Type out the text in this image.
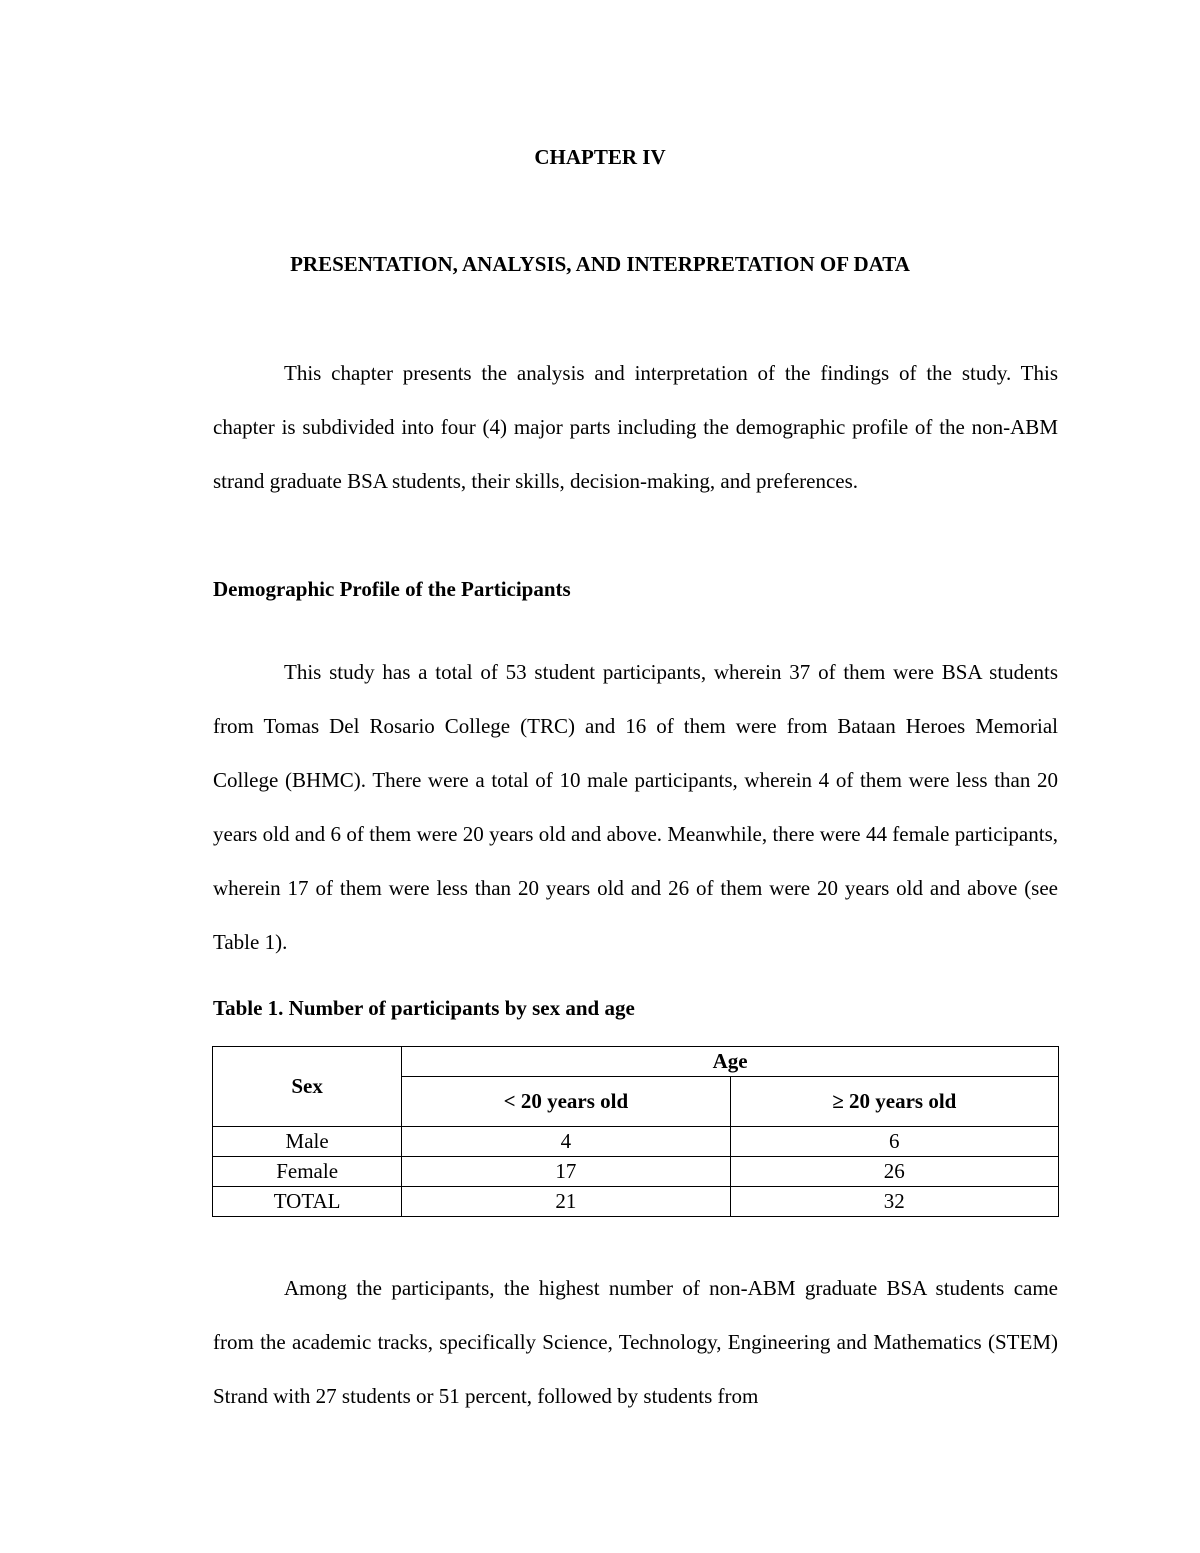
CHAPTER IV
PRESENTATION, ANALYSIS, AND INTERPRETATION OF DATA

This chapter presents the analysis and interpretation of the findings of the study. This chapter is subdivided into four (4) major parts including the demographic profile of the non-ABM strand graduate BSA students, their skills, decision-making, and preferences.

Demographic Profile of the Participants

This study has a total of 53 student participants, wherein 37 of them were BSA students from Tomas Del Rosario College (TRC) and 16 of them were from Bataan Heroes Memorial College (BHMC). There were a total of 10 male participants, wherein 4 of them were less than 20 years old and 6 of them were 20 years old and above. Meanwhile, there were 44 female participants, wherein 17 of them were less than 20 years old and 26 of them were 20 years old and above (see Table 1).

Table 1. Number of participants by sex and age
Sex	Age	
	< 20 years old	≥ 20 years old
Male	4	6
Female	17	26
TOTAL	21	32

Among the participants, the highest number of non-ABM graduate BSA students came from the academic tracks, specifically Science, Technology, Engineering and Mathematics (STEM) Strand with 27 students or 51 percent, followed by students from
